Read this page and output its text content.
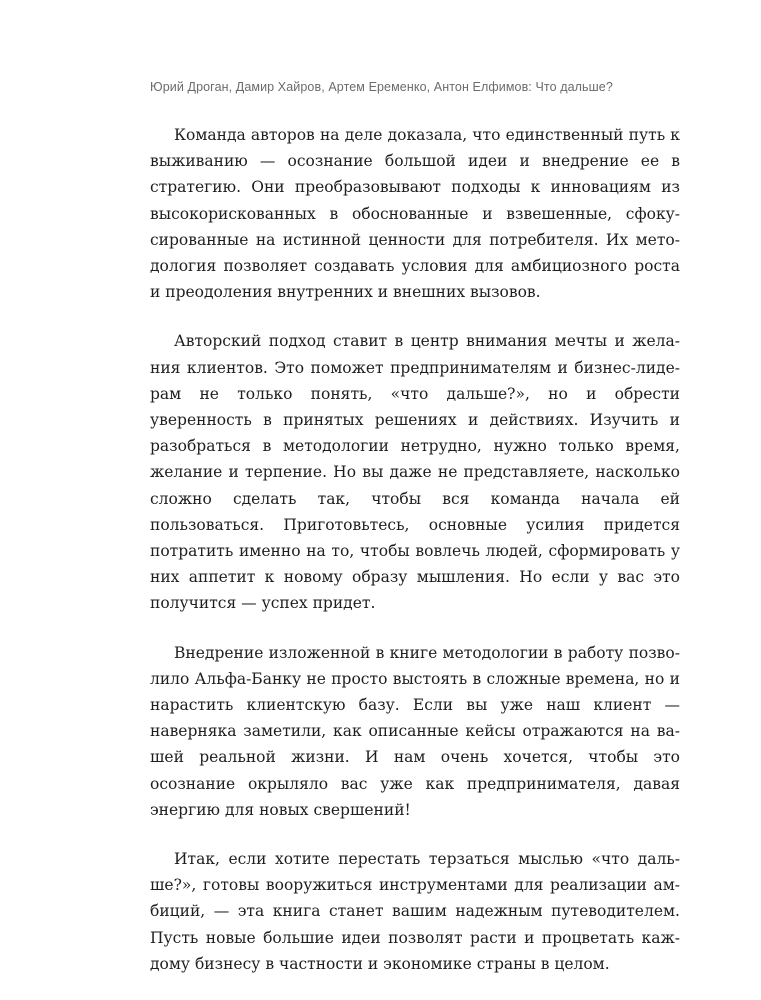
Юрий Дроган, Дамир Хайров, Артем Еременко, Антон Елфимов: Что дальше?

Команда авторов на деле доказала, что единственный путь к выживанию — осознание большой идеи и внедрение ее в стратегию. Они преобразовывают подходы к инновациям из высокорискованных в обоснованные и взвешенные, сфокусированные на истинной ценности для потребителя. Их методология позволяет создавать условия для амбициозного роста и преодоления внутренних и внешних вызовов.

Авторский подход ставит в центр внимания мечты и желания клиентов. Это поможет предпринимателям и бизнес-лидерам не только понять, «что дальше?», но и обрести уверенность в принятых решениях и действиях. Изучить и разобраться в методологии нетрудно, нужно только время, желание и терпение. Но вы даже не представляете, насколько сложно сделать так, чтобы вся команда начала ей пользоваться. Приготовьтесь, основные усилия придется потратить именно на то, чтобы вовлечь людей, сформировать у них аппетит к новому образу мышления. Но если у вас это получится — успех придет.

Внедрение изложенной в книге методологии в работу позволило Альфа-Банку не просто выстоять в сложные времена, но и нарастить клиентскую базу. Если вы уже наш клиент — наверняка заметили, как описанные кейсы отражаются на вашей реальной жизни. И нам очень хочется, чтобы это осознание окрыляло вас уже как предпринимателя, давая энергию для новых свершений!

Итак, если хотите перестать терзаться мыслью «что дальше?», готовы вооружиться инструментами для реализации амбиций, — эта книга станет вашим надежным путеводителем. Пусть новые большие идеи позволят расти и процветать каждому бизнесу в частности и экономике страны в целом.
